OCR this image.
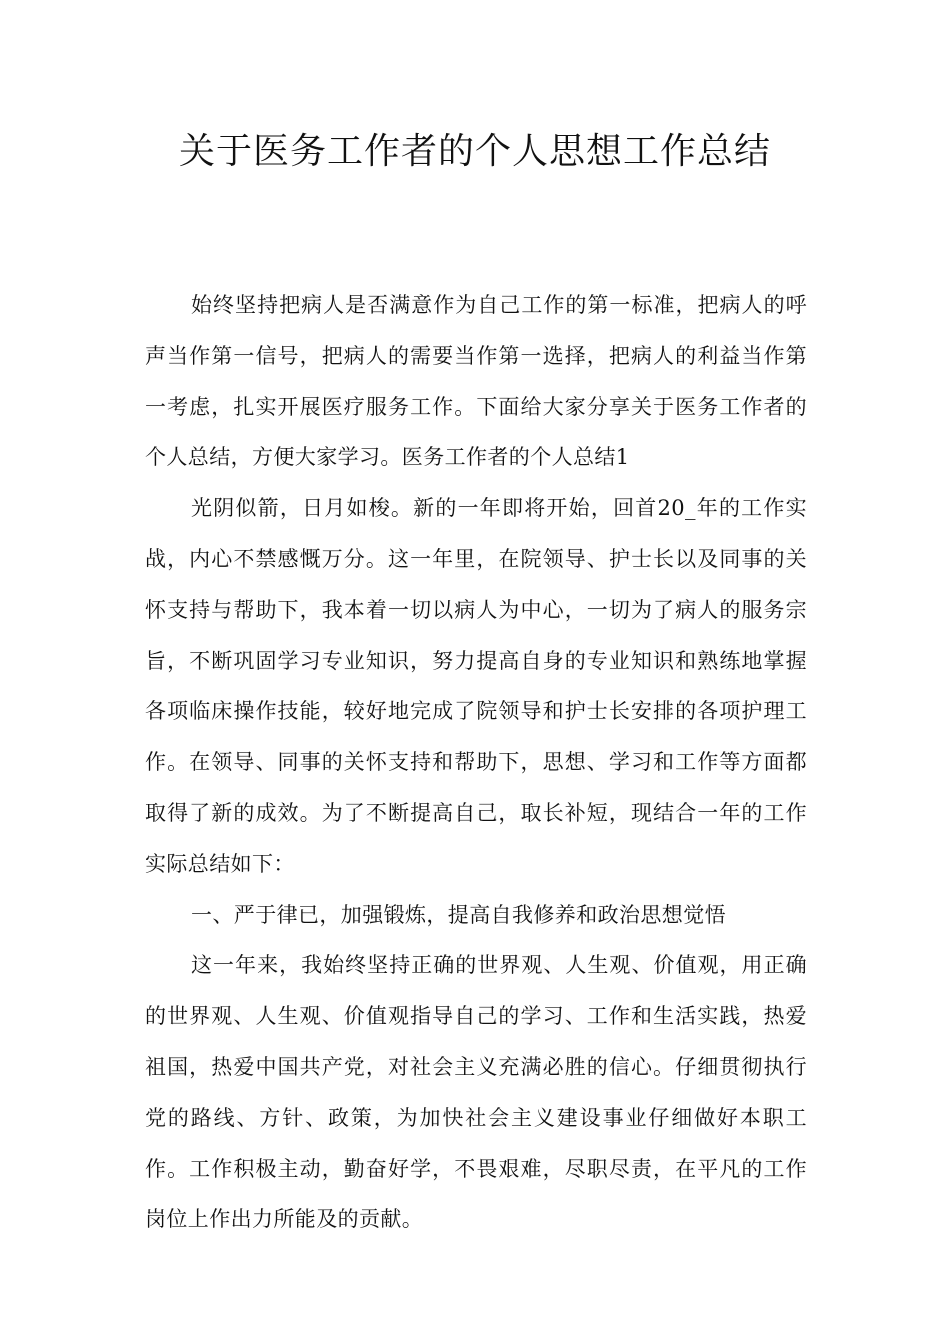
关于医务工作者的个人思想工作总结

始终坚持把病人是否满意作为自己工作的第一标准，把病人的呼声当作第一信号，把病人的需要当作第一选择，把病人的利益当作第一考虑，扎实开展医疗服务工作。下面给大家分享关于医务工作者的个人总结，方便大家学习。医务工作者的个人总结1

光阴似箭，日月如梭。新的一年即将开始，回首20_年的工作实战，内心不禁感慨万分。这一年里，在院领导、护士长以及同事的关怀支持与帮助下，我本着一切以病人为中心，一切为了病人的服务宗旨，不断巩固学习专业知识，努力提高自身的专业知识和熟练地掌握各项临床操作技能，较好地完成了院领导和护士长安排的各项护理工作。在领导、同事的关怀支持和帮助下，思想、学习和工作等方面都取得了新的成效。为了不断提高自己，取长补短，现结合一年的工作实际总结如下：

一、严于律已，加强锻炼，提高自我修养和政治思想觉悟

这一年来，我始终坚持正确的世界观、人生观、价值观，用正确的世界观、人生观、价值观指导自己的学习、工作和生活实践，热爱祖国，热爱中国共产党，对社会主义充满必胜的信心。仔细贯彻执行党的路线、方针、政策，为加快社会主义建设事业仔细做好本职工作。工作积极主动，勤奋好学，不畏艰难，尽职尽责，在平凡的工作岗位上作出力所能及的贡献。
